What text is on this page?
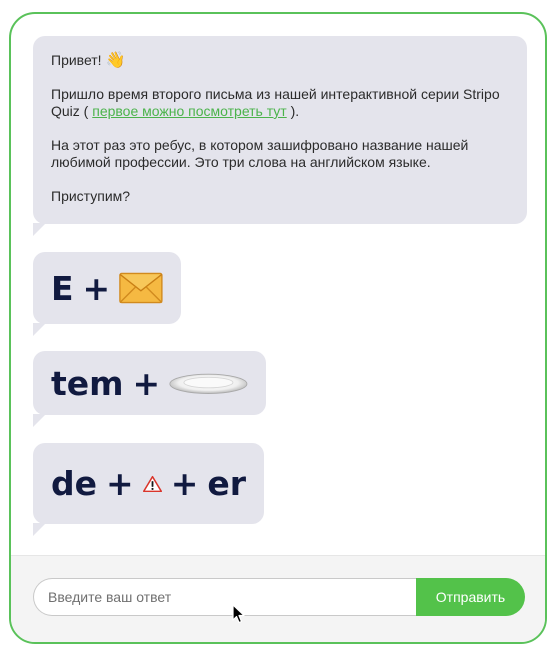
Привет! 👋

Пришло время второго письма из нашей интерактивной серии Stripo Quiz ( первое можно посмотреть тут ).

На этот раз это ребус, в котором зашифровано название нашей любимой профессии. Это три слова на английском языке.

Приступим?

E +
tem +
de + + er
Введите ваш ответ
Отправить
